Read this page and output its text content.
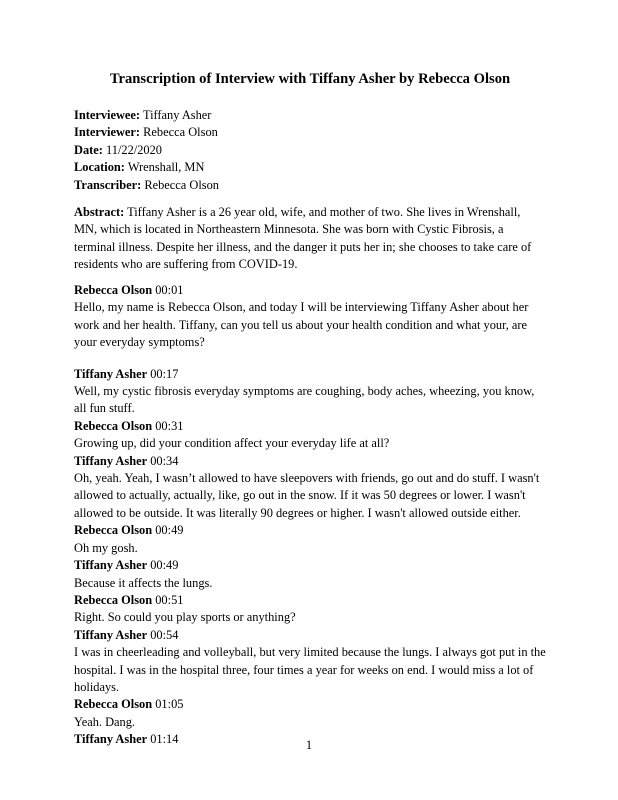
Transcription of Interview with Tiffany Asher by Rebecca Olson
Interviewee: Tiffany Asher
Interviewer: Rebecca Olson
Date: 11/22/2020
Location: Wrenshall, MN
Transcriber: Rebecca Olson
Abstract: Tiffany Asher is a 26 year old, wife, and mother of two. She lives in Wrenshall, MN, which is located in Northeastern Minnesota. She was born with Cystic Fibrosis, a terminal illness. Despite her illness, and the danger it puts her in; she chooses to take care of residents who are suffering from COVID-19.
Rebecca Olson 00:01
Hello, my name is Rebecca Olson, and today I will be interviewing Tiffany Asher about her work and her health. Tiffany, can you tell us about your health condition and what your, are your everyday symptoms?
Tiffany Asher 00:17
Well, my cystic fibrosis everyday symptoms are coughing, body aches, wheezing, you know, all fun stuff.
Rebecca Olson 00:31
Growing up, did your condition affect your everyday life at all?
Tiffany Asher 00:34
Oh, yeah. Yeah, I wasn’t allowed to have sleepovers with friends, go out and do stuff. I wasn't allowed to actually, actually, like, go out in the snow. If it was 50 degrees or lower. I wasn't allowed to be outside. It was literally 90 degrees or higher. I wasn't allowed outside either.
Rebecca Olson 00:49
Oh my gosh.
Tiffany Asher 00:49
Because it affects the lungs.
Rebecca Olson 00:51
Right. So could you play sports or anything?
Tiffany Asher 00:54
I was in cheerleading and volleyball, but very limited because the lungs. I always got put in the hospital. I was in the hospital three, four times a year for weeks on end. I would miss a lot of holidays.
Rebecca Olson 01:05
Yeah. Dang.
Tiffany Asher 01:14	1
